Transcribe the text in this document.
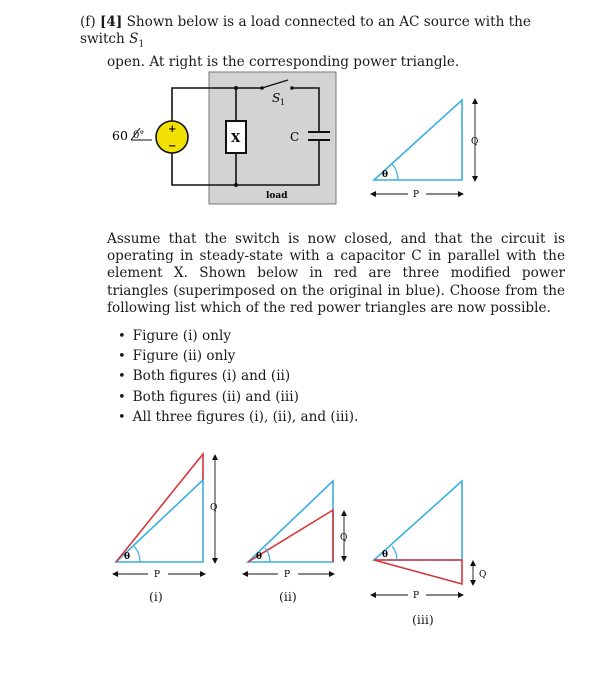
(f) [4] Shown below is a load connected to an AC source with the switch $S_1$
open. At right is the corresponding power triangle.
S 1
X	C
+
−
60 0°
load
θ
Q
P
Assume that the switch is now closed, and that the circuit is operating in steady-state with a capacitor C in parallel with the element X. Shown below in red are three modified power triangles (superimposed on the original in blue). Choose from the following list which of the red power triangles are now possible.
• Figure (i) only
• Figure (ii) only
• Both figures (i) and (ii)
• Both figures (ii) and (iii)
• All three figures (i), (ii), and (iii).
θ
Q
P
(i)
θ
Q
P
(ii)
θ
Q
P
(iii)
